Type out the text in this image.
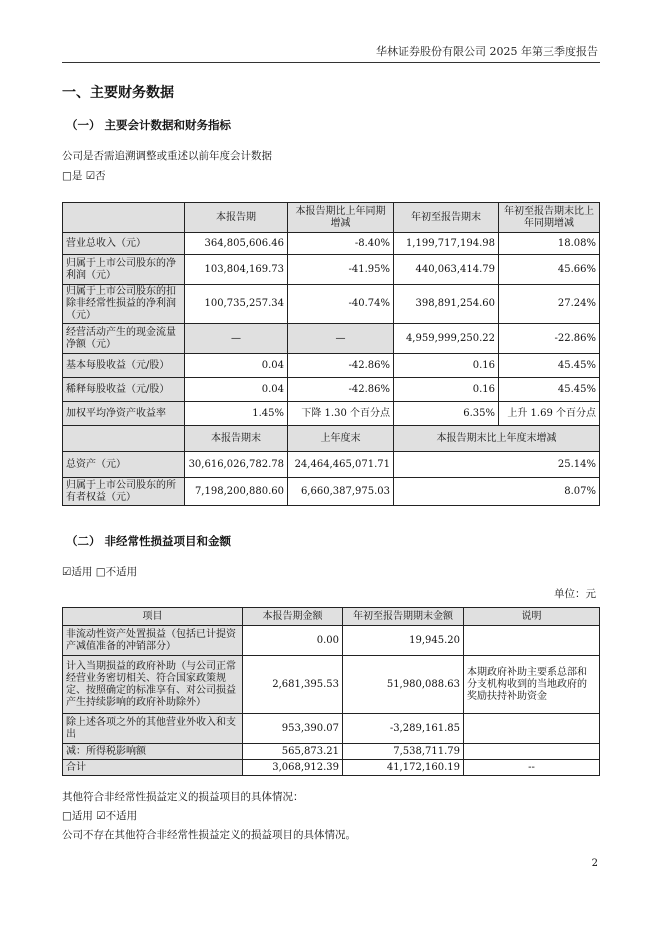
华林证券股份有限公司 2025 年第三季度报告
一、主要财务数据
（一） 主要会计数据和财务指标
公司是否需追溯调整或重述以前年度会计数据
□是 ☑否
	本报告期	本报告期比上年同期增减	年初至报告期末	年初至报告期末比上年同期增减
营业总收入（元）	364,805,606.46	-8.40%	1,199,717,194.98	18.08%
归属于上市公司股东的净利润（元）	103,804,169.73	-41.95%	440,063,414.79	45.66%
归属于上市公司股东的扣除非经常性损益的净利润（元）	100,735,257.34	-40.74%	398,891,254.60	27.24%
经营活动产生的现金流量净额（元）	—	—	4,959,999,250.22	-22.86%
基本每股收益（元/股）	0.04	-42.86%	0.16	45.45%
稀释每股收益（元/股）	0.04	-42.86%	0.16	45.45%
加权平均净资产收益率	1.45%	下降 1.30 个百分点	6.35%	上升 1.69 个百分点
	本报告期末	上年度末	本报告期末比上年度末增减	
总资产（元）	30,616,026,782.78	24,464,465,071.71	25.14%	
归属于上市公司股东的所有者权益（元）	7,198,200,880.60	6,660,387,975.03	8.07%	
（二） 非经常性损益项目和金额
☑适用 □不适用
单位：元
项目	本报告期金额	年初至报告期期末金额	说明
非流动性资产处置损益（包括已计提资产减值准备的冲销部分）	0.00	19,945.20	
计入当期损益的政府补助（与公司正常经营业务密切相关、符合国家政策规定、按照确定的标准享有、对公司损益产生持续影响的政府补助除外）	2,681,395.53	51,980,088.63	本期政府补助主要系总部和分支机构收到的当地政府的奖励扶持补助资金
除上述各项之外的其他营业外收入和支出	953,390.07	-3,289,161.85	
减：所得税影响额	565,873.21	7,538,711.79	
合计	3,068,912.39	41,172,160.19	--
其他符合非经常性损益定义的损益项目的具体情况：
□适用 ☑不适用
公司不存在其他符合非经常性损益定义的损益项目的具体情况。
2
